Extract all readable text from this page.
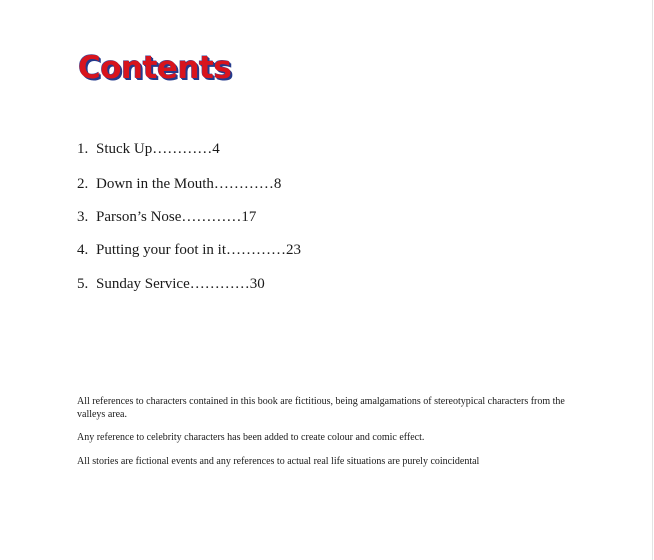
Contents
1. Stuck Up…………4
2. Down in the Mouth…………8
3. Parson’s Nose…………17
4. Putting your foot in it…………23
5. Sunday Service…………30

All references to characters contained in this book are fictitious, being amalgamations of stereotypical characters from the valleys area.

Any reference to celebrity characters has been added to create colour and comic effect.

All stories are fictional events and any references to actual real life situations are purely coincidental
